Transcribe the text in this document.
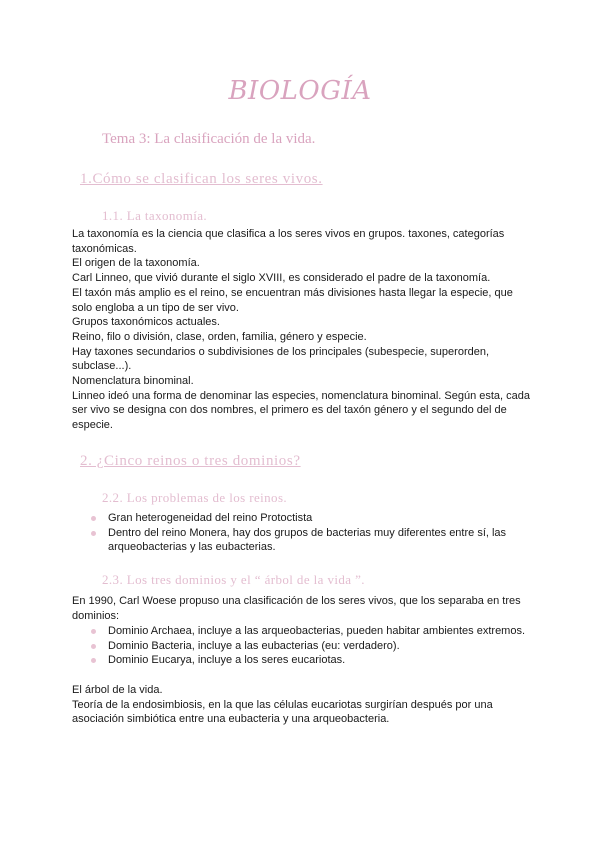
BIOLOGÍA
Tema 3: La clasificación de la vida.
1.Cómo se clasifican los seres vivos.
1.1. La taxonomía.

La taxonomía es la ciencia que clasifica a los seres vivos en grupos. taxones, categorías taxonómicas.

El origen de la taxonomía.

Carl Linneo, que vivió durante el siglo XVIII, es considerado el padre de la taxonomía.

El taxón más amplio es el reino, se encuentran más divisiones hasta llegar la especie, que solo engloba a un tipo de ser vivo.

Grupos taxonómicos actuales.

Reino, filo o división, clase, orden, familia, género y especie.

Hay taxones secundarios o subdivisiones de los principales (subespecie, superorden, subclase...).

Nomenclatura binominal.

Linneo ideó una forma de denominar las especies, nomenclatura binominal. Según esta, cada ser vivo se designa con dos nombres, el primero es del taxón género y el segundo del de especie.

2. ¿Cinco reinos o tres dominios?
2.2. Los problemas de los reinos.
Gran heterogeneidad del reino Protoctista
Dentro del reino Monera, hay dos grupos de bacterias muy diferentes entre sí, las arqueobacterias y las eubacterias.
2.3. Los tres dominios y el “ árbol de la vida ”.
En 1990, Carl Woese propuso una clasificación de los seres vivos, que los separaba en tres dominios:
Dominio Archaea, incluye a las arqueobacterias, pueden habitar ambientes extremos.
Dominio Bacteria, incluye a las eubacterias (eu: verdadero).
Dominio Eucarya, incluye a los seres eucariotas.

El árbol de la vida.

Teoría de la endosimbiosis, en la que las células eucariotas surgirían después por una asociación simbiótica entre una eubacteria y una arqueobacteria.
